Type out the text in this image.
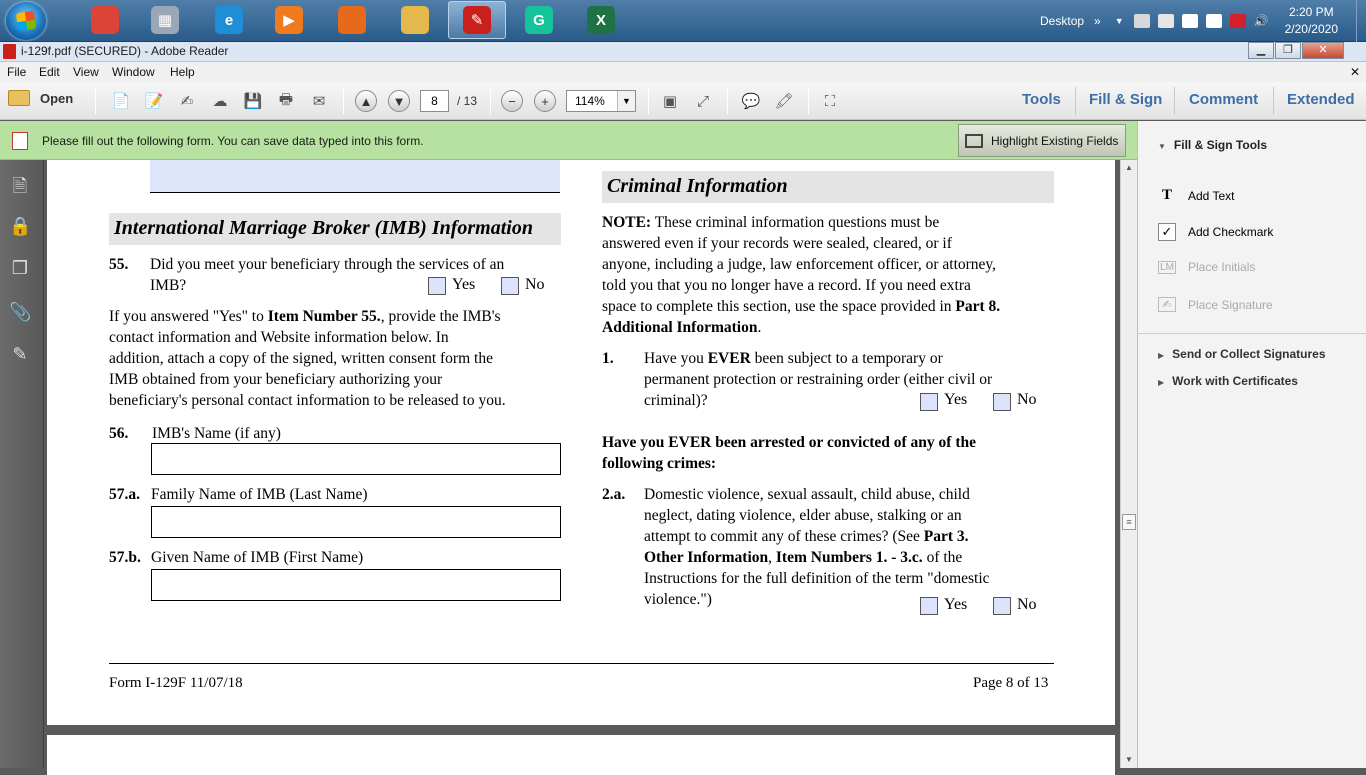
▦	e	▶	✎	G	X	Desktop » ▼	🔊
2:20 PM
2/20/2020
i-129f.pdf (SECURED) - Adobe Reader	▁	❐	✕
File Edit View Window Help	✕
Open	📄 📝	✍	☁ 💾 🖶	✉	▲	▼	8	/ 13	−	+	114%	▼ ▣	⤢	💬 🖍	⛶	Tools Fill & Sign Comment Extended
Please fill out the following form. You can save data typed into this form.	Highlight Existing Fields
🗎
🔒
❐
📎
✎
International Marriage Broker (IMB) Information
55. Did you meet your beneficiary through the services of an
IMB?	Yes	No
If you answered "Yes" to Item Number 55., provide the IMB's
contact information and Website information below. In
addition, attach a copy of the signed, written consent form the
IMB obtained from your beneficiary authorizing your
beneficiary's personal contact information to be released to you.
56. IMB's Name (if any)
57.a. Family Name of IMB (Last Name)
57.b. Given Name of IMB (First Name)
Criminal Information
NOTE: These criminal information questions must be
answered even if your records were sealed, cleared, or if
anyone, including a judge, law enforcement officer, or attorney,
told you that you no longer have a record. If you need extra
space to complete this section, use the space provided in Part 8.
Additional Information.
1. Have you EVER been subject to a temporary or
permanent protection or restraining order (either civil or
criminal)?	Yes	No
Have you EVER been arrested or convicted of any of the
following crimes:
2.a. Domestic violence, sexual assault, child abuse, child
neglect, dating violence, elder abuse, stalking or an
attempt to commit any of these crimes? (See Part 3.
Other Information, Item Numbers 1. - 3.c. of the
Instructions for the full definition of the term "domestic
violence.")	Yes	No
Form I-129F 11/07/18	Page 8 of 13
▲
≡
▼
▼ Fill & Sign Tools
T	Add Text
✓ Add Checkmark
LM Place Initials
✍	Place Signature
▶ Send or Collect Signatures
▶ Work with Certificates
